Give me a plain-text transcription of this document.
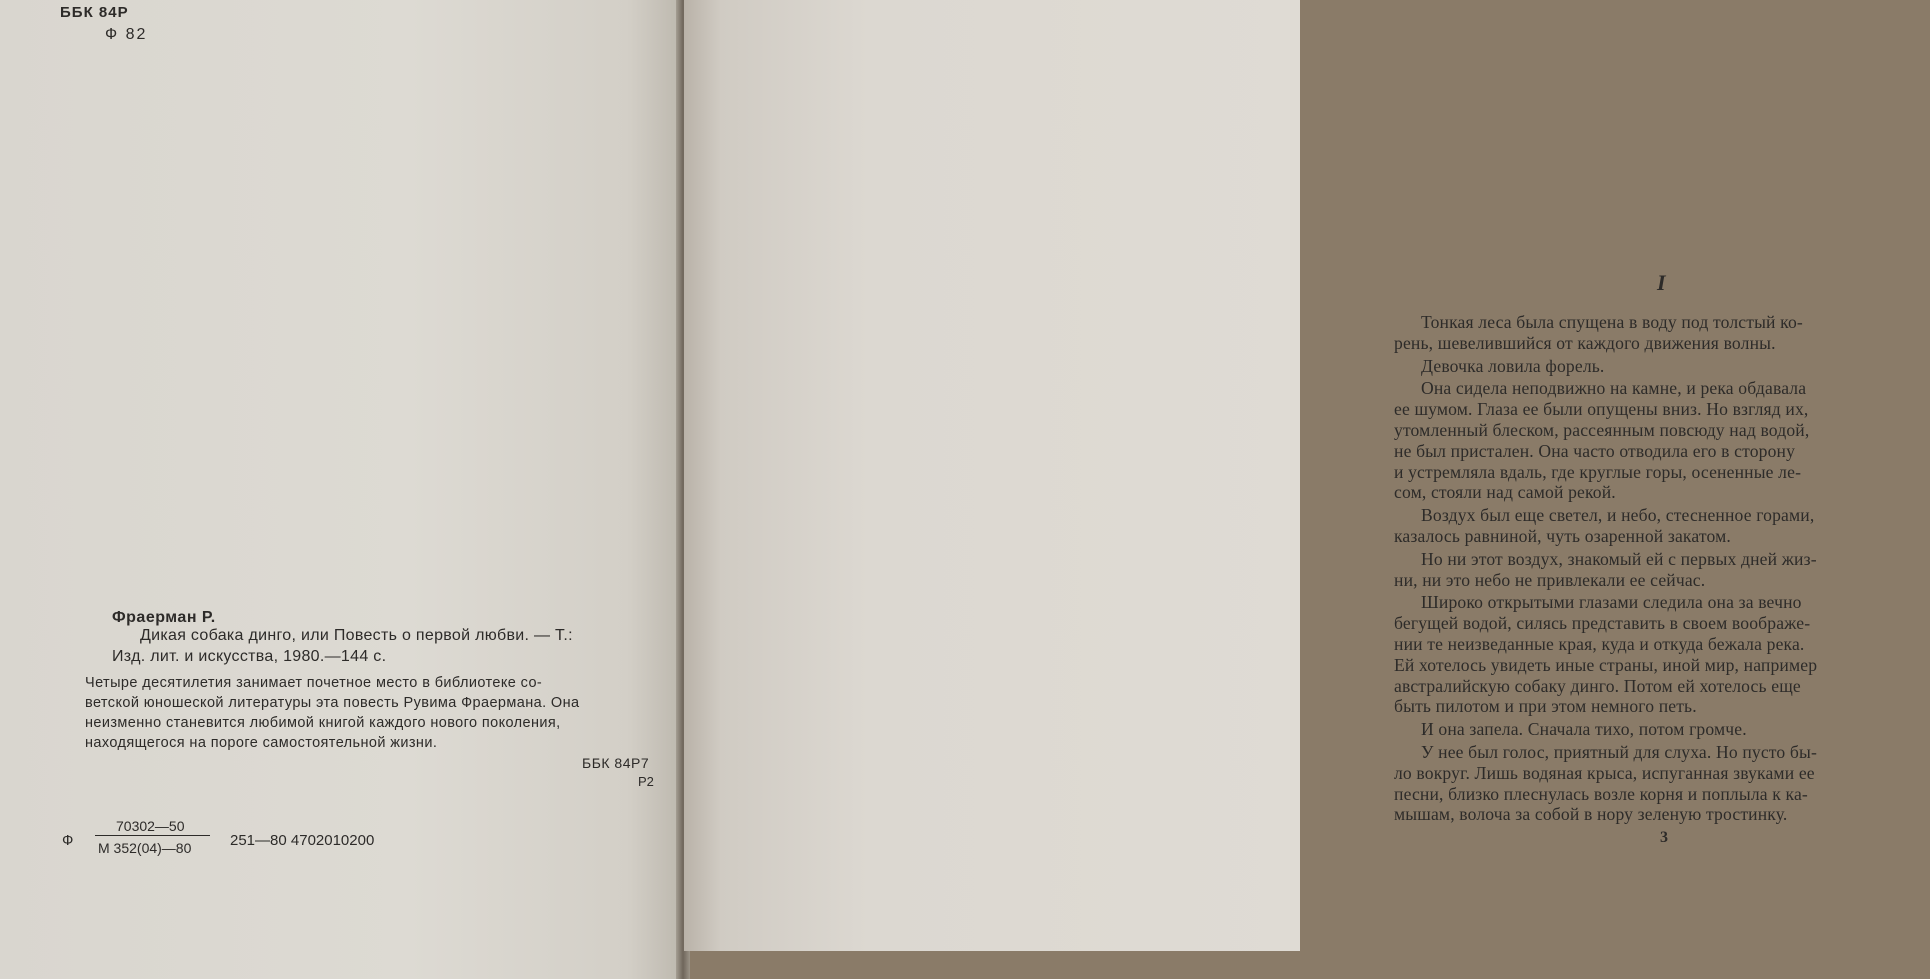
ББК 84Р
Ф 82
Фраерман Р.
Дикая собака динго, или Повесть о первой любви. — Т.:
Изд. лит. и искусства, 1980.—144 с.
Четыре десятилетия занимает почетное место в библиотеке со-
ветской юношеской литературы эта повесть Рувима Фраермана. Она
неизменно станевится любимой книгой каждого нового поколения,
находящегося на пороге самостоятельной жизни.
ББК 84Р7
Р2
Ф
70302—50
М 352(04)—80	251—80 4702010200
I
Тонкая леса была спущена в воду под толстый ко-
рень, шевелившийся от каждого движения волны.
Девочка ловила форель.
Она сидела неподвижно на камне, и река обдавала
ее шумом. Глаза ее были опущены вниз. Но взгляд их,
утомленный блеском, рассеянным повсюду над водой,
не был пристален. Она часто отводила его в сторону
и устремляла вдаль, где круглые горы, осененные ле-
сом, стояли над самой рекой.
Воздух был еще светел, и небо, стесненное горами,
казалось равниной, чуть озаренной закатом.
Но ни этот воздух, знакомый ей с первых дней жиз-
ни, ни это небо не привлекали ее сейчас.
Широко открытыми глазами следила она за вечно
бегущей водой, силясь представить в своем воображе-
нии те неизведанные края, куда и откуда бежала река.
Ей хотелось увидеть иные страны, иной мир, например
австралийскую собаку динго. Потом ей хотелось еще
быть пилотом и при этом немного петь.
И она запела. Сначала тихо, потом громче.
У нее был голос, приятный для слуха. Но пусто бы-
ло вокруг. Лишь водяная крыса, испуганная звуками ее
песни, близко плеснулась возле корня и поплыла к ка-
мышам, волоча за собой в нору зеленую тростинку.
3
